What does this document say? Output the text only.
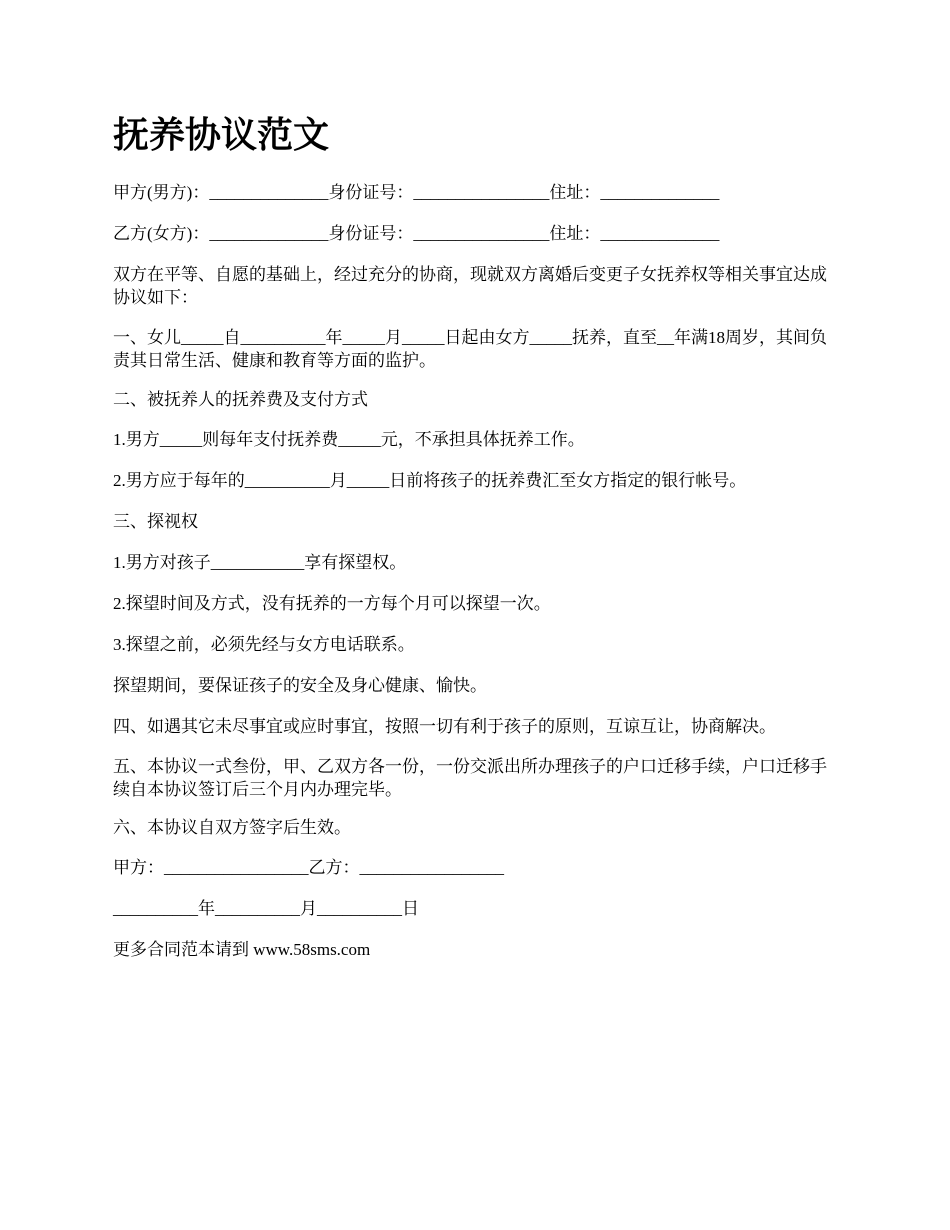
抚养协议范文

甲方(男方)：______________身份证号：________________住址：______________

乙方(女方)：______________身份证号：________________住址：______________

双方在平等、自愿的基础上，经过充分的协商，现就双方离婚后变更子女抚养权等相关事宜达成协议如下：

一、女儿_____自__________年_____月_____日起由女方_____抚养，直至__年满18周岁，其间负责其日常生活、健康和教育等方面的监护。

二、被抚养人的抚养费及支付方式

1.男方_____则每年支付抚养费_____元，不承担具体抚养工作。

2.男方应于每年的__________月_____日前将孩子的抚养费汇至女方指定的银行帐号。

三、探视权

1.男方对孩子___________享有探望权。

2.探望时间及方式，没有抚养的一方每个月可以探望一次。

3.探望之前，必须先经与女方电话联系。

探望期间，要保证孩子的安全及身心健康、愉快。

四、如遇其它未尽事宜或应时事宜，按照一切有利于孩子的原则，互谅互让，协商解决。

五、本协议一式叁份，甲、乙双方各一份，一份交派出所办理孩子的户口迁移手续，户口迁移手续自本协议签订后三个月内办理完毕。

六、本协议自双方签字后生效。

甲方：_________________乙方：_________________

__________年__________月__________日

更多合同范本请到 www.58sms.com
